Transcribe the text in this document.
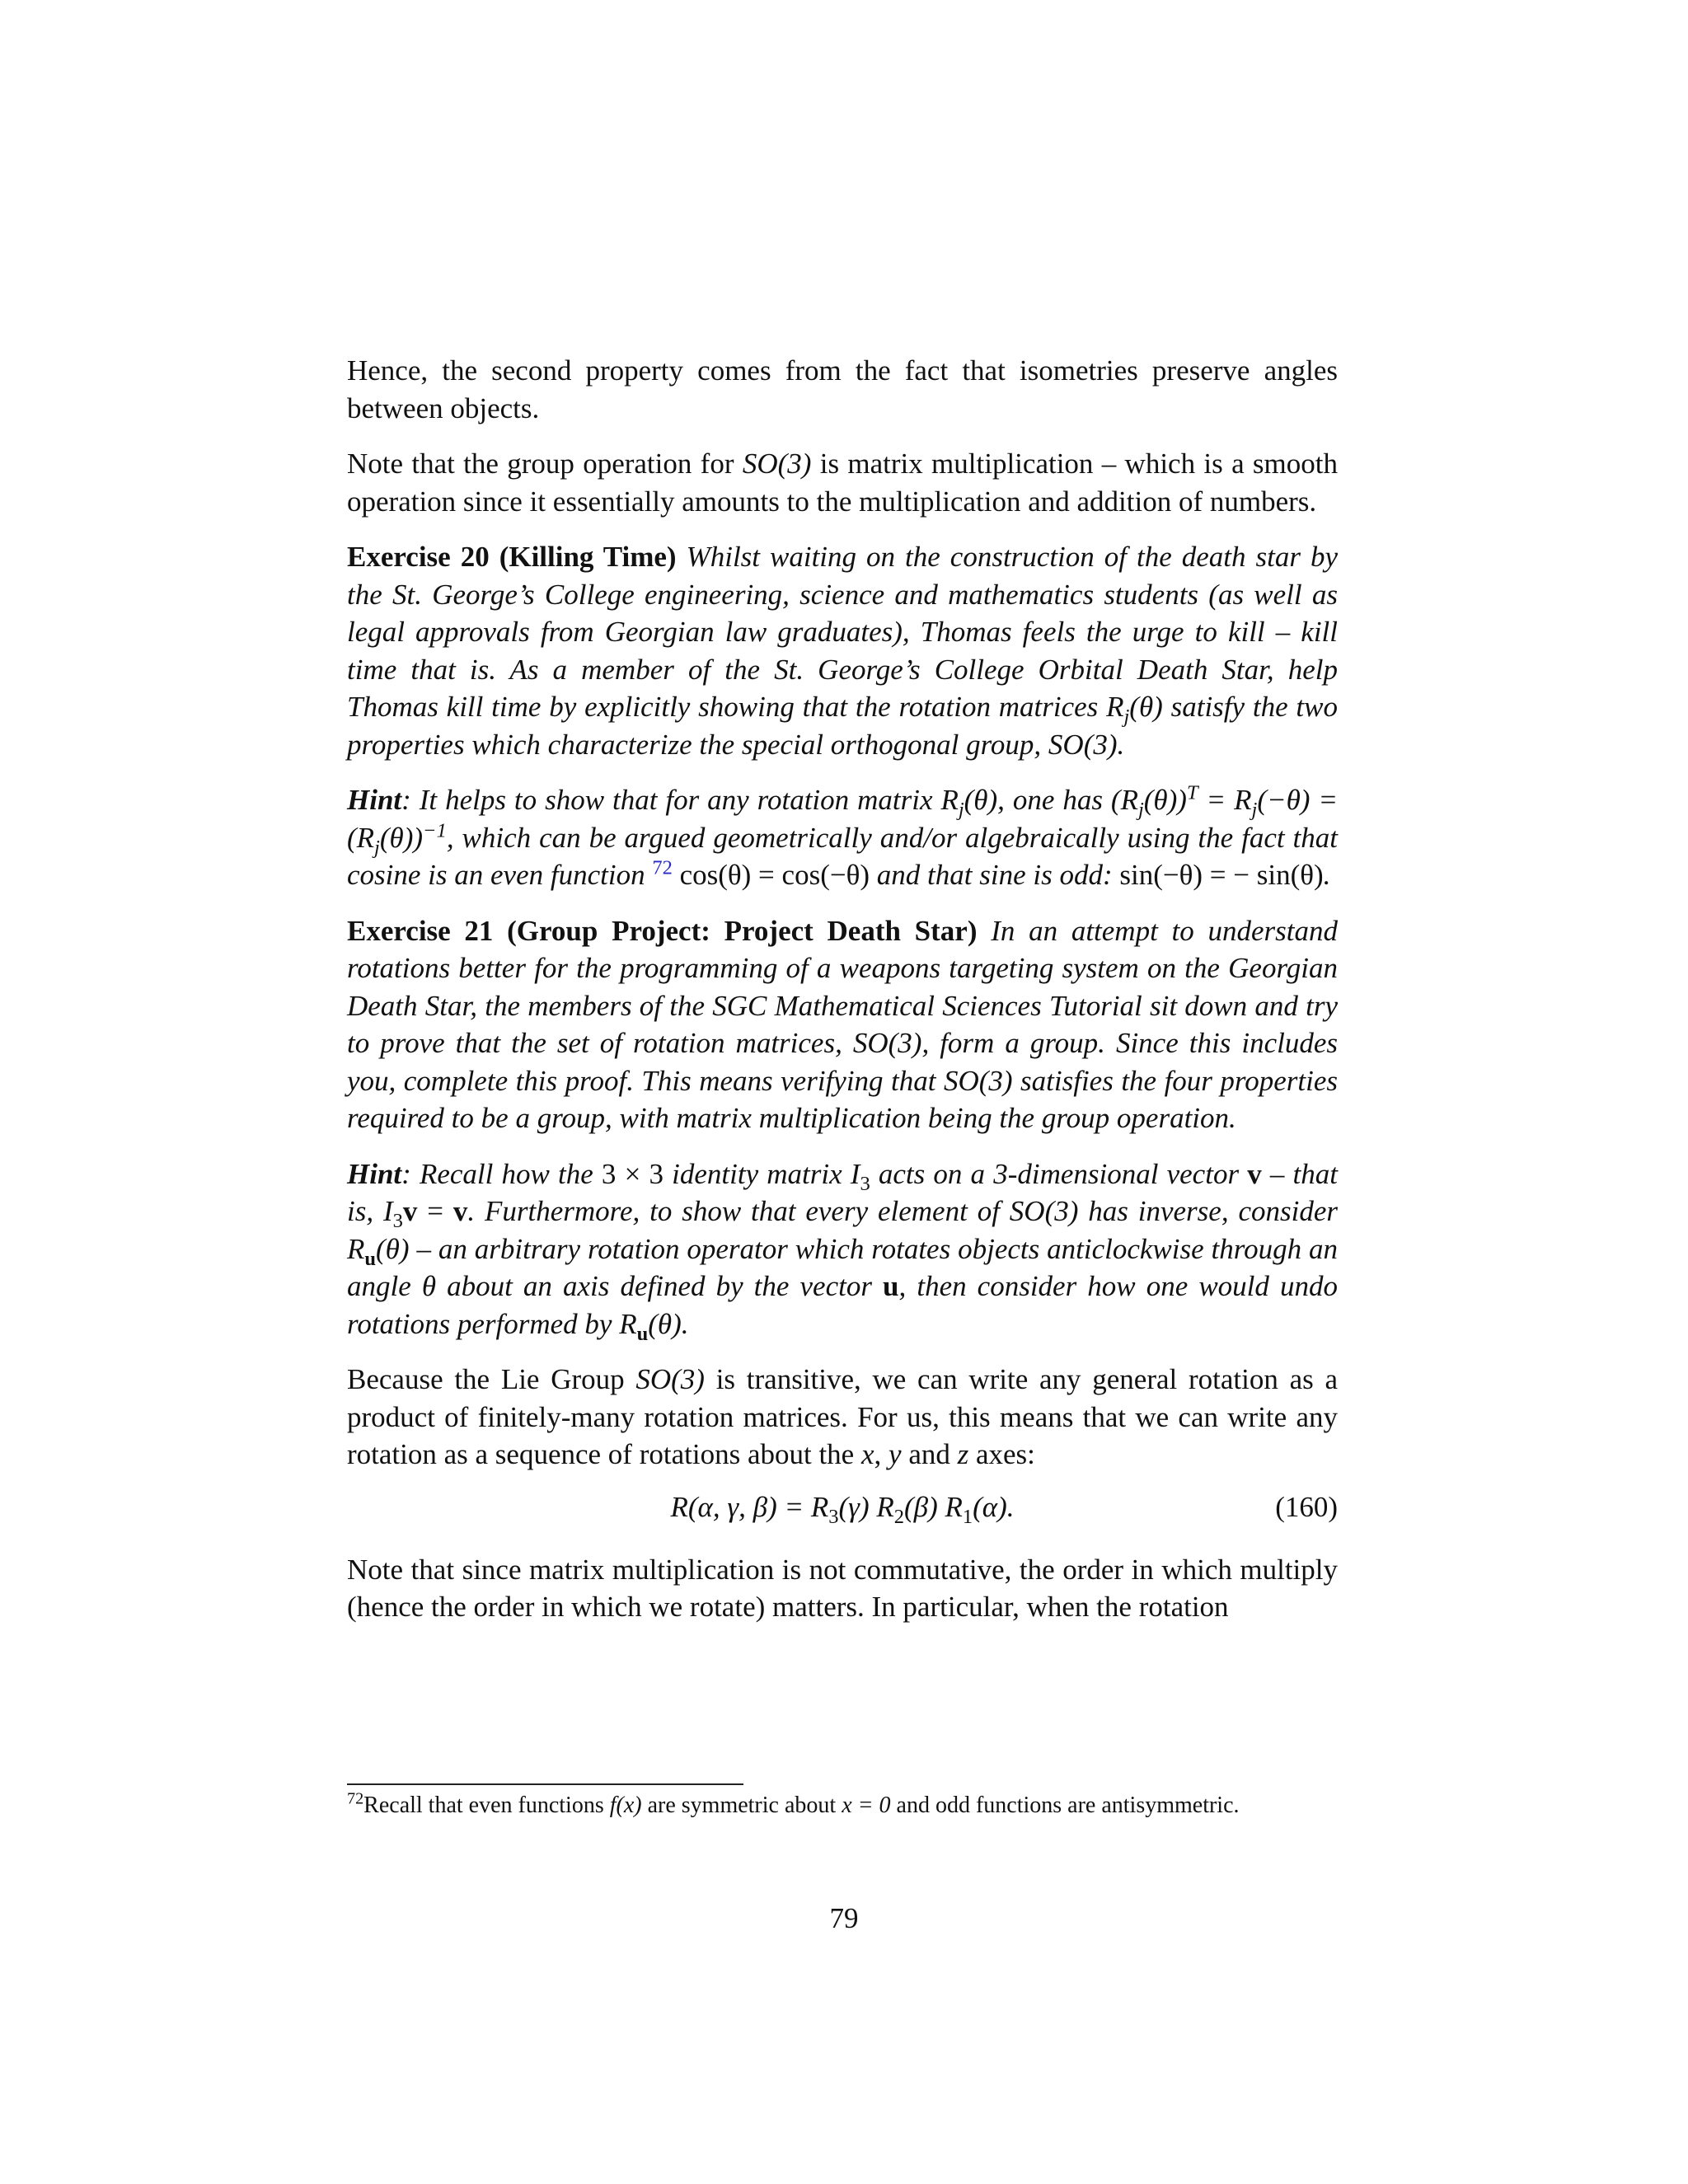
Hence, the second property comes from the fact that isometries preserve angles between objects.

Note that the group operation for SO(3) is matrix multiplication – which is a smooth operation since it essentially amounts to the multiplication and addition of numbers.

Exercise 20 (Killing Time) Whilst waiting on the construction of the death star by the St. George’s College engineering, science and mathematics students (as well as legal approvals from Georgian law graduates), Thomas feels the urge to kill – kill time that is. As a member of the St. George’s College Orbital Death Star, help Thomas kill time by explicitly showing that the rotation matrices $R_j(\theta)$ satisfy the two properties which characterize the special orthogonal group, SO(3).

Hint: It helps to show that for any rotation matrix $R_j(\theta)$, one has $(R_j(\theta))^T = R_j(-\theta) = (R_j(\theta))^{-1}$, which can be argued geometrically and/or algebraically using the fact that cosine is an even function $^{72}$ cos(θ) = cos(−θ) and that sine is odd: sin(−θ) = − sin(θ).

Exercise 21 (Group Project: Project Death Star) In an attempt to understand rotations better for the programming of a weapons targeting system on the Georgian Death Star, the members of the SGC Mathematical Sciences Tutorial sit down and try to prove that the set of rotation matrices, SO(3), form a group. Since this includes you, complete this proof. This means verifying that SO(3) satisfies the four properties required to be a group, with matrix multiplication being the group operation.

Hint: Recall how the 3 × 3 identity matrix $I_3$ acts on a 3-dimensional vector v – that is, $I_3v = v$. Furthermore, to show that every element of SO(3) has inverse, consider $R_u(\theta)$ – an arbitrary rotation operator which rotates objects anticlockwise through an angle θ about an axis defined by the vector u, then consider how one would undo rotations performed by $R_u(\theta)$.

Because the Lie Group SO(3) is transitive, we can write any general rotation as a product of finitely-many rotation matrices. For us, this means that we can write any rotation as a sequence of rotations about the x, y and z axes:

R(α, γ, $\beta) = R_3(\gamma)$ $R_2(\beta)$ $R_1(\alpha)$.	(160)

Note that since matrix multiplication is not commutative, the order in which multiply (hence the order in which we rotate) matters. In particular, when the rotation

$^{72}$Recall that even functions f(x) are symmetric about x = 0 and odd functions are antisymmetric.
79
